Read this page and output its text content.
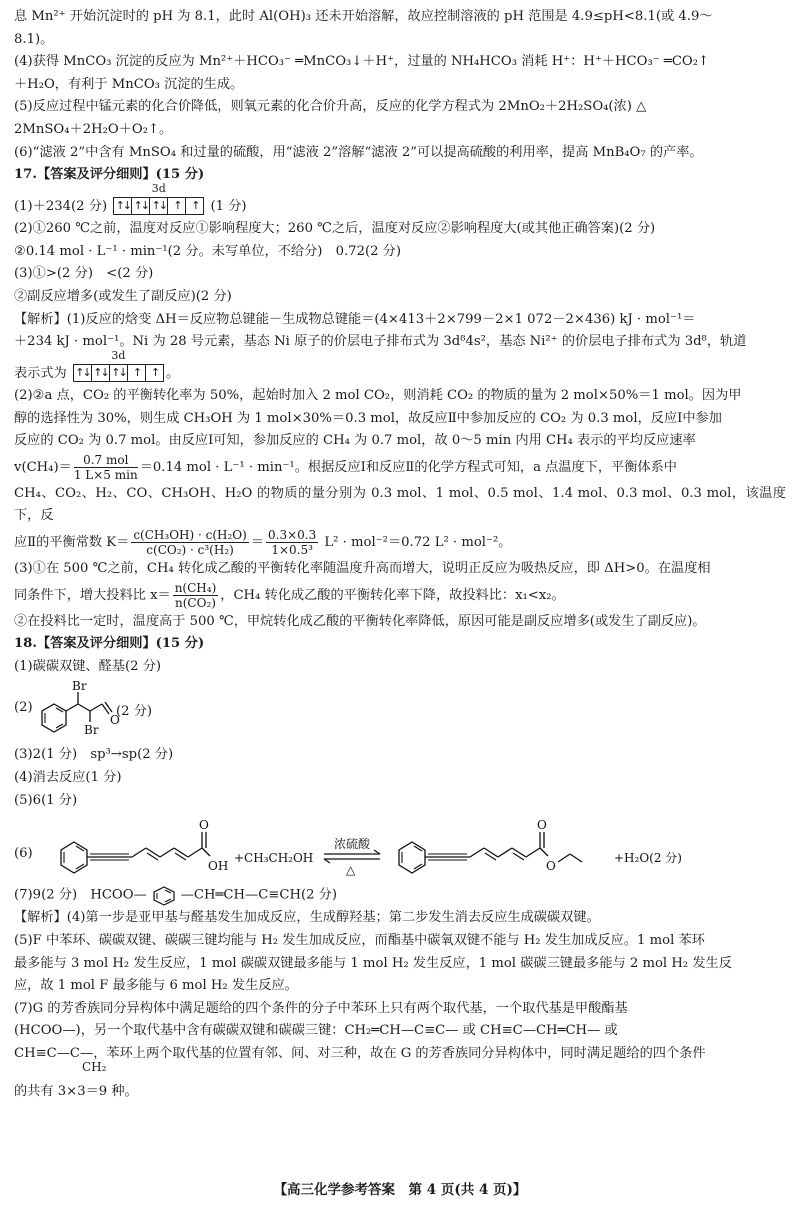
息 Mn²⁺ 开始沉淀时的 pH 为 8.1，此时 Al(OH)₃ 还未开始溶解，故应控制溶液的 pH 范围是 4.9≤pH<8.1(或 4.9～

8.1)。

(4)获得 MnCO₃ 沉淀的反应为 Mn²⁺＋HCO₃⁻ ═MnCO₃↓＋H⁺，过量的 NH₄HCO₃ 消耗 H⁺：H⁺＋HCO₃⁻ ═CO₂↑

＋H₂O，有利于 MnCO₃ 沉淀的生成。

(5)反应过程中锰元素的化合价降低，则氧元素的化合价升高，反应的化学方程式为 2MnO₂＋2H₂SO₄(浓) △

2MnSO₄＋2H₂O＋O₂↑。

(6)“滤液 2”中含有 MnSO₄ 和过量的硫酸，用“滤液 2”溶解“滤液 2”可以提高硫酸的利用率，提高 MnB₄O₇ 的产率。

17.【答案及评分细则】(15 分)

(1)＋234(2 分)
3d
↑↓ ↑↓ ↑↓ ↑ ↑ (1 分)

(2)①260 ℃之前，温度对反应①影响程度大；260 ℃之后，温度对反应②影响程度大(或其他正确答案)(2 分)

②0.14 mol · L⁻¹ · min⁻¹(2 分。未写单位，不给分)　0.72(2 分)

(3)①>(2 分)　<(2 分)

②副反应增多(或发生了副反应)(2 分)

【解析】(1)反应的焓变 ΔH＝反应物总键能－生成物总键能＝(4×413＋2×799－2×1 072－2×436) kJ · mol⁻¹＝

＋234 kJ · mol⁻¹。Ni 为 28 号元素，基态 Ni 原子的价层电子排布式为 3d⁸4s²，基态 Ni²⁺ 的价层电子排布式为 3d⁸，轨道

表示式为
3d
↑↓ ↑↓ ↑↓ ↑ ↑ 。

(2)②a 点，CO₂ 的平衡转化率为 50%，起始时加入 2 mol CO₂，则消耗 CO₂ 的物质的量为 2 mol×50%＝1 mol。因为甲

醇的选择性为 30%，则生成 CH₃OH 为 1 mol×30%＝0.3 mol，故反应Ⅱ中参加反应的 CO₂ 为 0.3 mol，反应Ⅰ中参加

反应的 CO₂ 为 0.7 mol。由反应Ⅰ可知，参加反应的 CH₄ 为 0.7 mol，故 0～5 min 内用 CH₄ 表示的平均反应速率

$v(CH_4)= \frac{\text{0.7 mol}}{1 L\times 5 \min} =0.14$ mol · L⁻¹ · min⁻¹。根据反应Ⅰ和反应Ⅱ的化学方程式可知，a 点温度下，平衡体系中

CH₄、CO₂、H₂、CO、CH₃OH、H₂O 的物质的量分别为 0.3 mol、1 mol、0.5 mol、1.4 mol、0.3 mol、0.3 mol，该温度下，反

应Ⅱ的平衡常数 $K= \frac{\text{c(CH₃OH) · c(H₂O)}}{\text{c(CO₂) · c³(H₂)}} = \frac{0.3\times 0.3}{\text{1×0.5³}} L^2 \cdot mol^{-2}=0.72$ L² · mol⁻²。

(3)①在 500 ℃之前，CH₄ 转化成乙酸的平衡转化率随温度升高而增大，说明正反应为吸热反应，即 ΔH>0。在温度相

同条件下，增大投料比 $x= \frac{\text{n(CH₄)}}{\text{n(CO₂)}}$ ，CH₄ 转化成乙酸的平衡转化率下降，故投料比：x₁<x₂。

②在投料比一定时，温度高于 500 ℃，甲烷转化成乙酸的平衡转化率降低，原因可能是副反应增多(或发生了副反应)。

18.【答案及评分细则】(15 分)

(1)碳碳双键、醛基(2 分)

(2)
Br
Br
O
(2 分)

(3)2(1 分)　sp³→sp(2 分)

(4)消去反应(1 分)

(5)6(1 分)

(6)
O
OH
+CH₃CH₂OH
浓硫酸
△
O
O
+H₂O(2 分)

(7)9(2 分)　HCOO—	—CH═CH—C≡CH(2 分)

【解析】(4)第一步是亚甲基与醛基发生加成反应，生成醇羟基；第二步发生消去反应生成碳碳双键。

(5)F 中苯环、碳碳双键、碳碳三键均能与 H₂ 发生加成反应，而酯基中碳氧双键不能与 H₂ 发生加成反应。1 mol 苯环

最多能与 3 mol H₂ 发生反应，1 mol 碳碳双键最多能与 1 mol H₂ 发生反应，1 mol 碳碳三键最多能与 2 mol H₂ 发生反

应，故 1 mol F 最多能与 6 mol H₂ 发生反应。

(7)G 的芳香族同分异构体中满足题给的四个条件的分子中苯环上只有两个取代基，一个取代基是甲酸酯基

(HCOO—)，另一个取代基中含有碳碳双键和碳碳三键：CH₂═CH—C≡C— 或 CH≡C—CH═CH— 或

CH≡C—C—，苯环上两个取代基的位置有邻、间、对三种，故在 G 的芳香族同分异构体中，同时满足题给的四个条件

CH₂

的共有 3×3＝9 种。

【高三化学参考答案　第 4 页(共 4 页)】
